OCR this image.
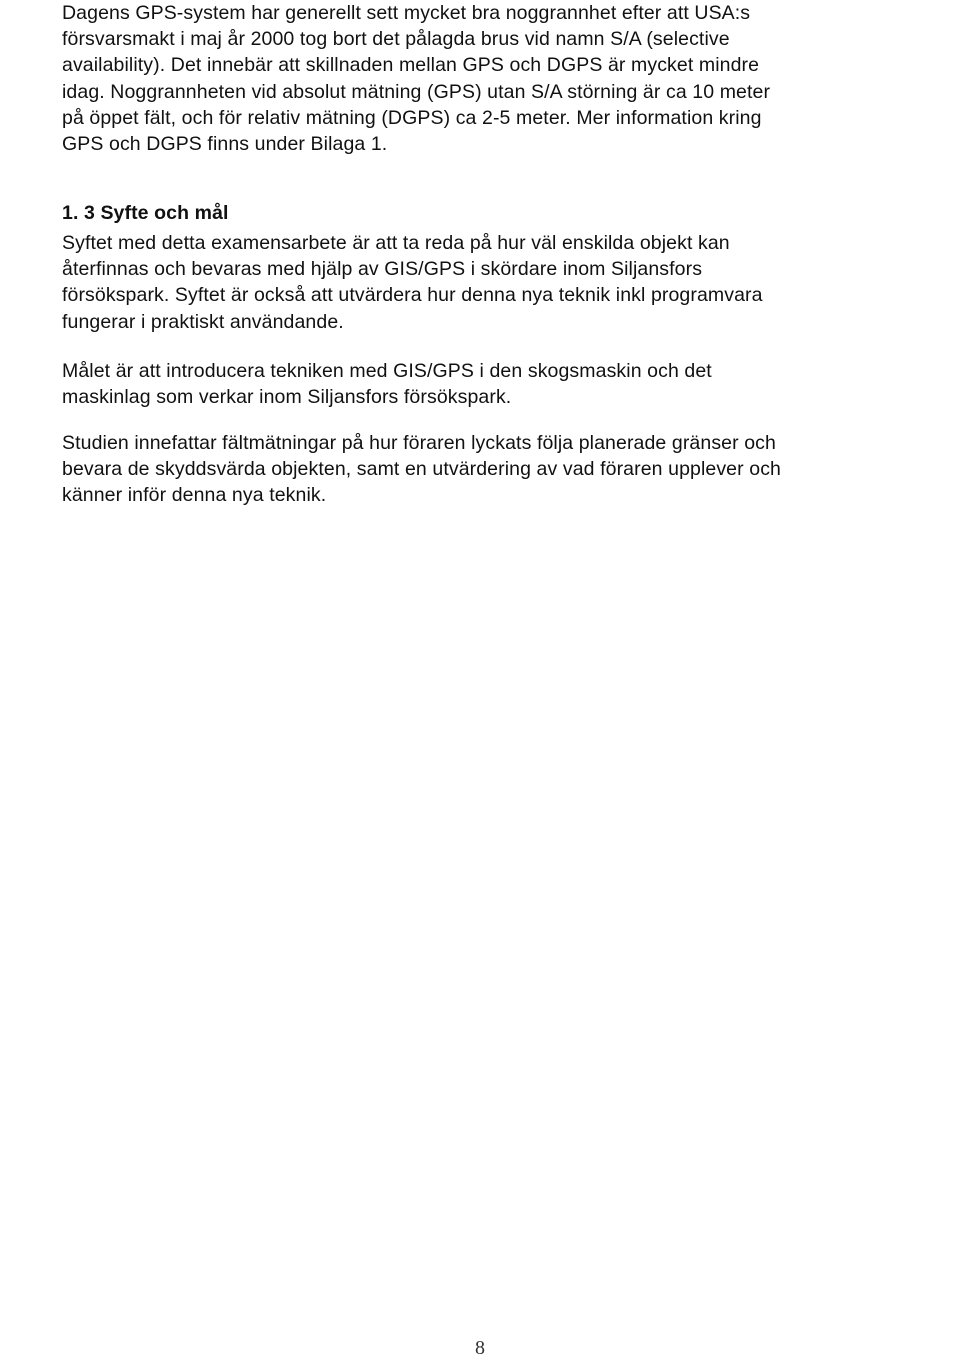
Dagens GPS-system har generellt sett mycket bra noggrannhet efter att USA:s
försvarsmakt i maj år 2000 tog bort det pålagda brus vid namn S/A (selective
availability). Det innebär att skillnaden mellan GPS och DGPS är mycket mindre
idag. Noggrannheten vid absolut mätning (GPS) utan S/A störning är ca 10 meter
på öppet fält, och för relativ mätning (DGPS) ca 2-5 meter. Mer information kring
GPS och DGPS finns under Bilaga 1.
1. 3 Syfte och mål
Syftet med detta examensarbete är att ta reda på hur väl enskilda objekt kan
återfinnas och bevaras med hjälp av GIS/GPS i skördare inom Siljansfors
försökspark. Syftet är också att utvärdera hur denna nya teknik inkl programvara
fungerar i praktiskt användande.
Målet är att introducera tekniken med GIS/GPS i den skogsmaskin och det
maskinlag som verkar inom Siljansfors försökspark.
Studien innefattar fältmätningar på hur föraren lyckats följa planerade gränser och
bevara de skyddsvärda objekten, samt en utvärdering av vad föraren upplever och
känner inför denna nya teknik.
8
